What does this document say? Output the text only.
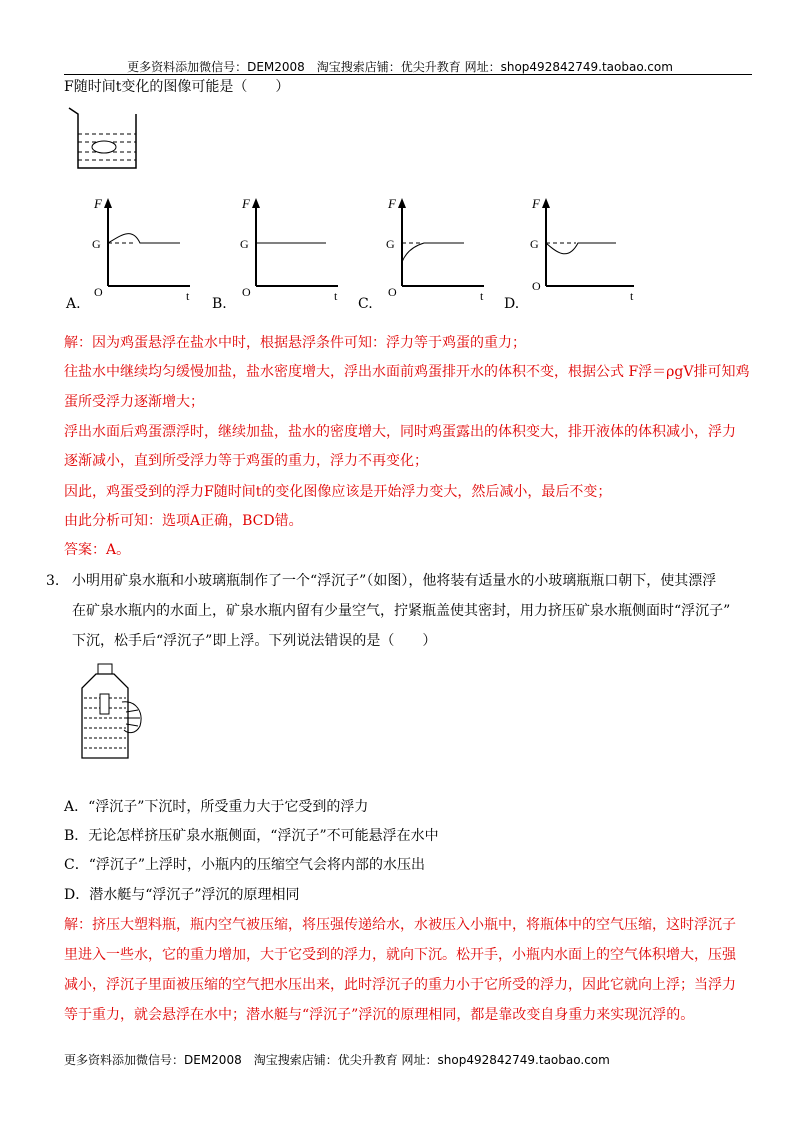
更多资料添加微信号：DEM2008　淘宝搜索店铺：优尖升教育 网址：shop492842749.taobao.com
F随时间t变化的图像可能是（　　）
F
G
O	t
A.
F
G
O	t
B.
F
G
O	t
C.
F
G
O
t
D.
解：因为鸡蛋悬浮在盐水中时，根据悬浮条件可知：浮力等于鸡蛋的重力；
往盐水中继续均匀缓慢加盐，盐水密度增大，浮出水面前鸡蛋排开水的体积不变，根据公式 F浮＝ρgV排可知鸡
蛋所受浮力逐渐增大；
浮出水面后鸡蛋漂浮时，继续加盐，盐水的密度增大，同时鸡蛋露出的体积变大，排开液体的体积减小，浮力
逐渐减小，直到所受浮力等于鸡蛋的重力，浮力不再变化；
因此，鸡蛋受到的浮力F随时间t的变化图像应该是开始浮力变大，然后减小，最后不变；
由此分析可知：选项A正确，BCD错。
答案：A。
3. 小明用矿泉水瓶和小玻璃瓶制作了一个“浮沉子”（如图），他将装有适量水的小玻璃瓶瓶口朝下，使其漂浮
在矿泉水瓶内的水面上，矿泉水瓶内留有少量空气，拧紧瓶盖使其密封，用力挤压矿泉水瓶侧面时“浮沉子”
下沉，松手后“浮沉子”即上浮。下列说法错误的是（　　）
A．“浮沉子”下沉时，所受重力大于它受到的浮力
B．无论怎样挤压矿泉水瓶侧面，“浮沉子”不可能悬浮在水中
C．“浮沉子”上浮时，小瓶内的压缩空气会将内部的水压出
D．潜水艇与“浮沉子”浮沉的原理相同
解：挤压大塑料瓶，瓶内空气被压缩，将压强传递给水，水被压入小瓶中，将瓶体中的空气压缩，这时浮沉子
里进入一些水，它的重力增加，大于它受到的浮力，就向下沉。松开手，小瓶内水面上的空气体积增大，压强
减小，浮沉子里面被压缩的空气把水压出来，此时浮沉子的重力小于它所受的浮力，因此它就向上浮；当浮力
等于重力，就会悬浮在水中；潜水艇与“浮沉子”浮沉的原理相同，都是靠改变自身重力来实现沉浮的。
更多资料添加微信号：DEM2008　淘宝搜索店铺：优尖升教育 网址：shop492842749.taobao.com
